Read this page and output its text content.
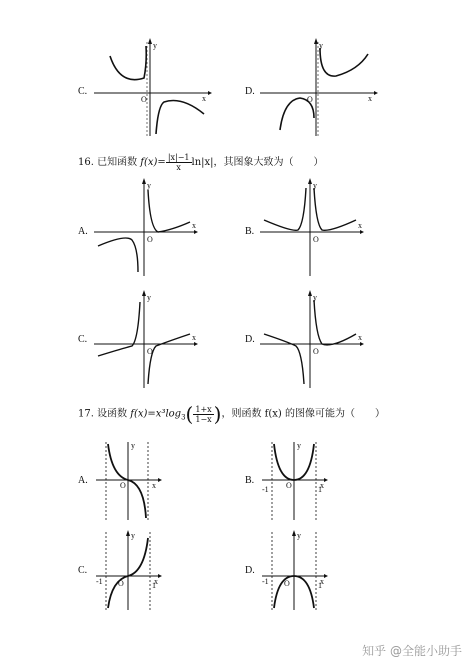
C.
y
x
O
D.
y
x
O
16. 已知函数 $f(x)= \frac{|x|-1}{x} \ln|x|$，其图象大致为（　　）
A.
y
x
O
B.
y
x
O
C.
y
x
O
D.
y
x
O
17. 设函数 $f(x)=x^3\log_3( \frac{1+x}{1-x}$ )，则函数 f(x) 的图像可能为（　　）
A.
y
x
O	B.
y
x
O
-1	1
C.
y
x
O
-1	1
D.
y
x
O
-1	1
知乎 @全能小助手
